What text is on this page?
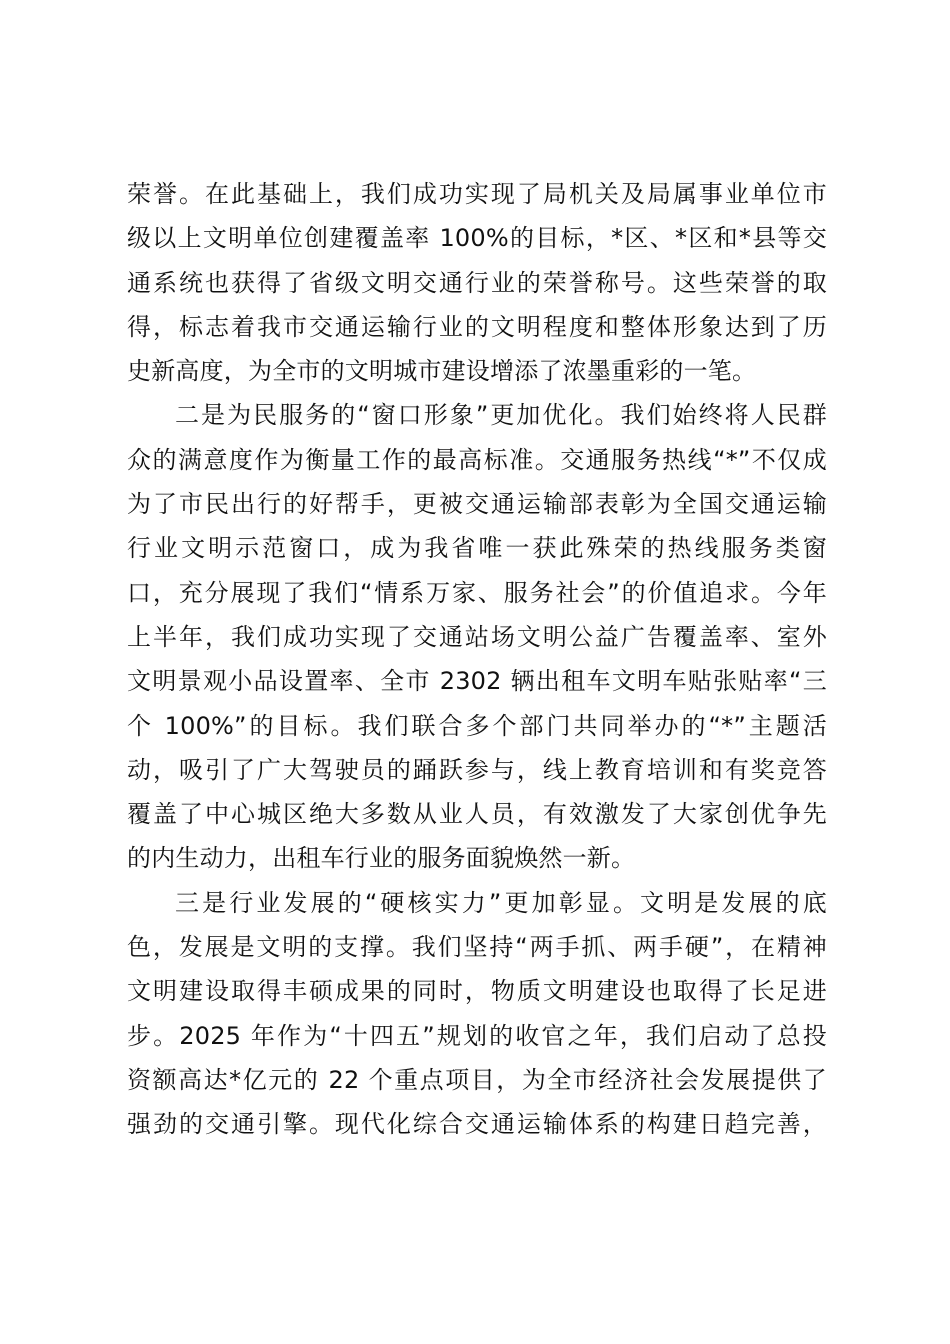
荣誉。在此基础上，我们成功实现了局机关及局属事业单位市
级以上文明单位创建覆盖率 100%的目标，*区、*区和*县等交
通系统也获得了省级文明交通行业的荣誉称号。这些荣誉的取
得，标志着我市交通运输行业的文明程度和整体形象达到了历
史新高度，为全市的文明城市建设增添了浓墨重彩的一笔。
二是为民服务的“窗口形象”更加优化。我们始终将人民群
众的满意度作为衡量工作的最高标准。交通服务热线“*”不仅成
为了市民出行的好帮手，更被交通运输部表彰为全国交通运输
行业文明示范窗口，成为我省唯一获此殊荣的热线服务类窗
口，充分展现了我们“情系万家、服务社会”的价值追求。今年
上半年，我们成功实现了交通站场文明公益广告覆盖率、室外
文明景观小品设置率、全市 2302 辆出租车文明车贴张贴率“三
个 100%”的目标。我们联合多个部门共同举办的“*”主题活
动，吸引了广大驾驶员的踊跃参与，线上教育培训和有奖竞答
覆盖了中心城区绝大多数从业人员，有效激发了大家创优争先
的内生动力，出租车行业的服务面貌焕然一新。
三是行业发展的“硬核实力”更加彰显。文明是发展的底
色，发展是文明的支撑。我们坚持“两手抓、两手硬”，在精神
文明建设取得丰硕成果的同时，物质文明建设也取得了长足进
步。2025 年作为“十四五”规划的收官之年，我们启动了总投
资额高达*亿元的 22 个重点项目，为全市经济社会发展提供了
强劲的交通引擎。现代化综合交通运输体系的构建日趋完善，
